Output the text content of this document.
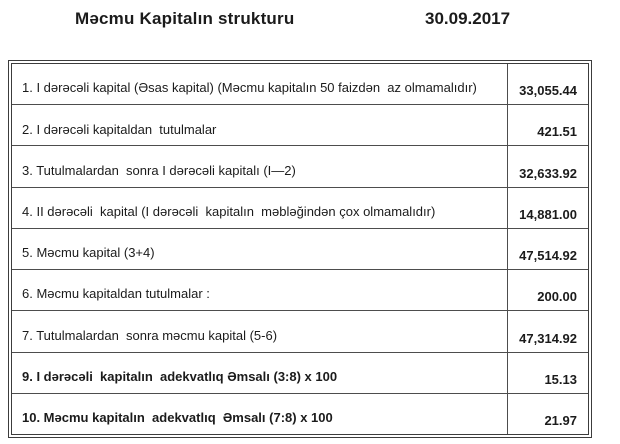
Məcmu Kapitalın strukturu	30.09.2017
1. I dərəcəli kapital (Əsas kapital) (Məcmu kapitalın 50 faizdən  az olmamalıdır)	33,055.44
2. I dərəcəli kapitaldan  tutulmalar	421.51
3. Tutulmalardan  sonra I dərəcəli kapitalı (I—2)	32,633.92
4. II dərəcəli  kapital (I dərəcəli  kapitalın  məbləğindən çox olmamalıdır)	14,881.00
5. Məcmu kapital (3+4)	47,514.92
6. Məcmu kapitaldan tutulmalar :	200.00
7. Tutulmalardan  sonra məcmu kapital (5-6)	47,314.92
9. I dərəcəli  kapitalın  adekvatlıq Əmsalı (3:8) x 100	15.13
10. Məcmu kapitalın  adekvatlıq  Əmsalı (7:8) x 100	21.97
